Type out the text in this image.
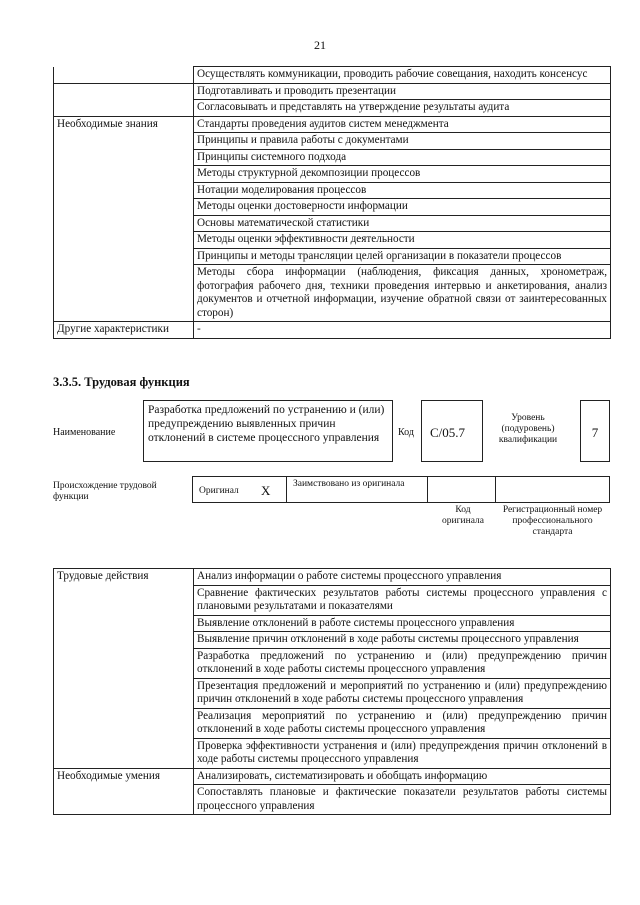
21
	Осуществлять коммуникации, проводить рабочие совещания, находить консенсус
	Подготавливать и проводить презентации
	Согласовывать и представлять на утверждение результаты аудита
Необходимые знания	Стандарты проведения аудитов систем менеджмента
	Принципы и правила работы с документами
	Принципы системного подхода
	Методы структурной декомпозиции процессов
	Нотации моделирования процессов
	Методы оценки достоверности информации
	Основы математической статистики
	Методы оценки эффективности деятельности
	Принципы и методы трансляции целей организации в показатели процессов
	Методы сбора информации (наблюдения, фиксация данных, хронометраж, фотография рабочего дня, техники проведения интервью и анкетирования, анализ документов и отчетной информации, изучение обратной связи от заинтересованных сторон)
Другие характеристики	-
3.3.5. Трудовая функция
Наименование
Разработка предложений по устранению и (или) предупреждению выявленных причин отклонений в системе процессного управления	Код	C/05.7
Уровень (подуровень) квалификации	7
Происхождение трудовой функции
Оригинал X Заимствовано из оригинала
Код оригинала
Регистрационный номер профессионального стандарта
Трудовые действия	Анализ информации о работе системы процессного управления
	Сравнение фактических результатов работы системы процессного управления с плановыми результатами и показателями
	Выявление отклонений в работе системы процессного управления
	Выявление причин отклонений в ходе работы системы процессного управления
	Разработка предложений по устранению и (или) предупреждению причин отклонений в ходе работы системы процессного управления
	Презентация предложений и мероприятий по устранению и (или) предупреждению причин отклонений в ходе работы системы процессного управления
	Реализация мероприятий по устранению и (или) предупреждению причин отклонений в ходе работы системы процессного управления
	Проверка эффективности устранения и (или) предупреждения причин отклонений в ходе работы системы процессного управления
Необходимые умения	Анализировать, систематизировать и обобщать информацию
	Сопоставлять плановые и фактические показатели результатов работы системы процессного управления
